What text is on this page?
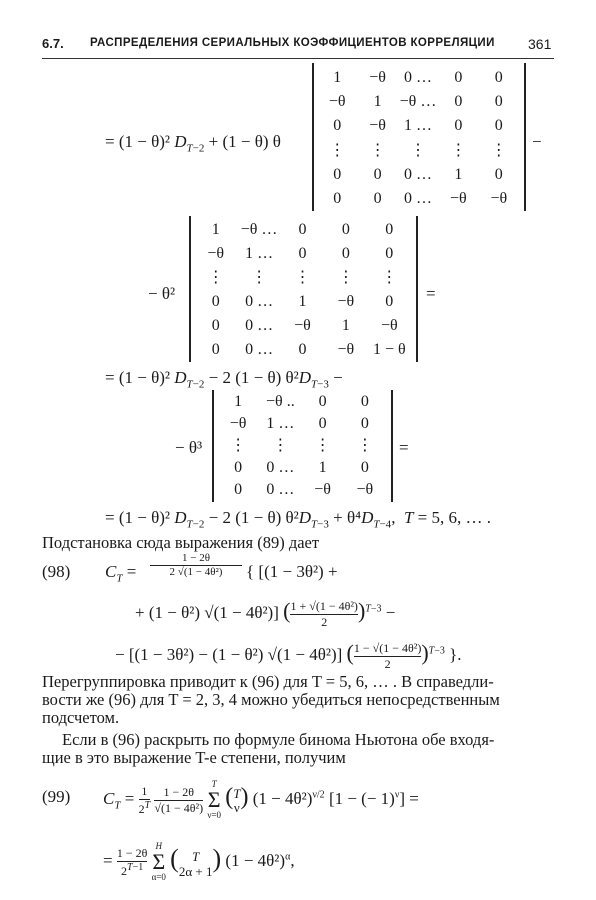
6.7. РАСПРЕДЕЛЕНИЯ СЕРИАЛЬНЫХ КОЭФФИЦИЕНТОВ КОРРЕЛЯЦИИ 361
= (1 − θ)² $D_{T-2} + (1 - \theta)$ θ
1	−θ	0 …	0	0
−θ	1	−θ …	0	0
0	−θ	1 …	0	0
⋮	⋮	⋮	⋮	⋮
0	0	0 …	1	0
0	0	0 …	−θ	−θ
−
− θ²
1	−θ …	0	0	0
−θ	1 …	0	0	0
⋮	⋮	⋮	⋮	⋮
0	0 …	1	−θ	0
0	0 …	−θ	1	−θ
0	0 …	0	−θ	1 − θ
=
= (1 − θ)² $D_{T-2} - 2$ (1 − θ) $\theta^2D_{T-3}$ −
− θ³
1	−θ ..	0	0
−θ	1 …	0	0
⋮	⋮	⋮	⋮
0	0 …	1	0
0	0 …	−θ	−θ
=
= (1 − θ)² $D_{T-2} - 2$ (1 − θ) $\theta^2D_{T-3} + \theta^4D_{T-4}$,  T = 5, 6, … .
Подстановка сюда выражения (89) дает
(98) $C_T$ =
1 − 2θ
2 √(1 − 4θ²)	{ [(1 − 3θ²) +
+ (1 − θ²) √(1 − 4θ²)] ( $\frac{\text{1 + √(1 − 4θ²)}}{2} )^{T-3}$ −
− [(1 − 3θ²) − (1 − θ²) √(1 − 4θ²)] ( $\frac{\text{1 − √(1 − 4θ²)}}{2} )^{T-3}$ }.
Перегруппировка приводит к (96) для T = 5, 6, … . В справедли-
вости же (96) для T = 2, 3, 4 можно убедиться непосредственным
подсчетом.
Если в (96) раскрыть по формуле бинома Ньютона обе входя-
щие в это выражение T-е степени, получим
(99) $C_T = \frac{1}{2^T}$
$\frac{1 - 2\theta}{\text{√(1 − 4θ²)}}$

T
Σ
ν=0
( T
ν ) $(1 - 4\theta^2)^{\nu/2}$ [1 − (− 1)$^\nu$] =
= $\frac{1 - 2\theta}{2^{T-1}}$
H
Σ
α=0
(	T
2α + 1 ) $(1 - 4\theta^2)^\alpha$,
